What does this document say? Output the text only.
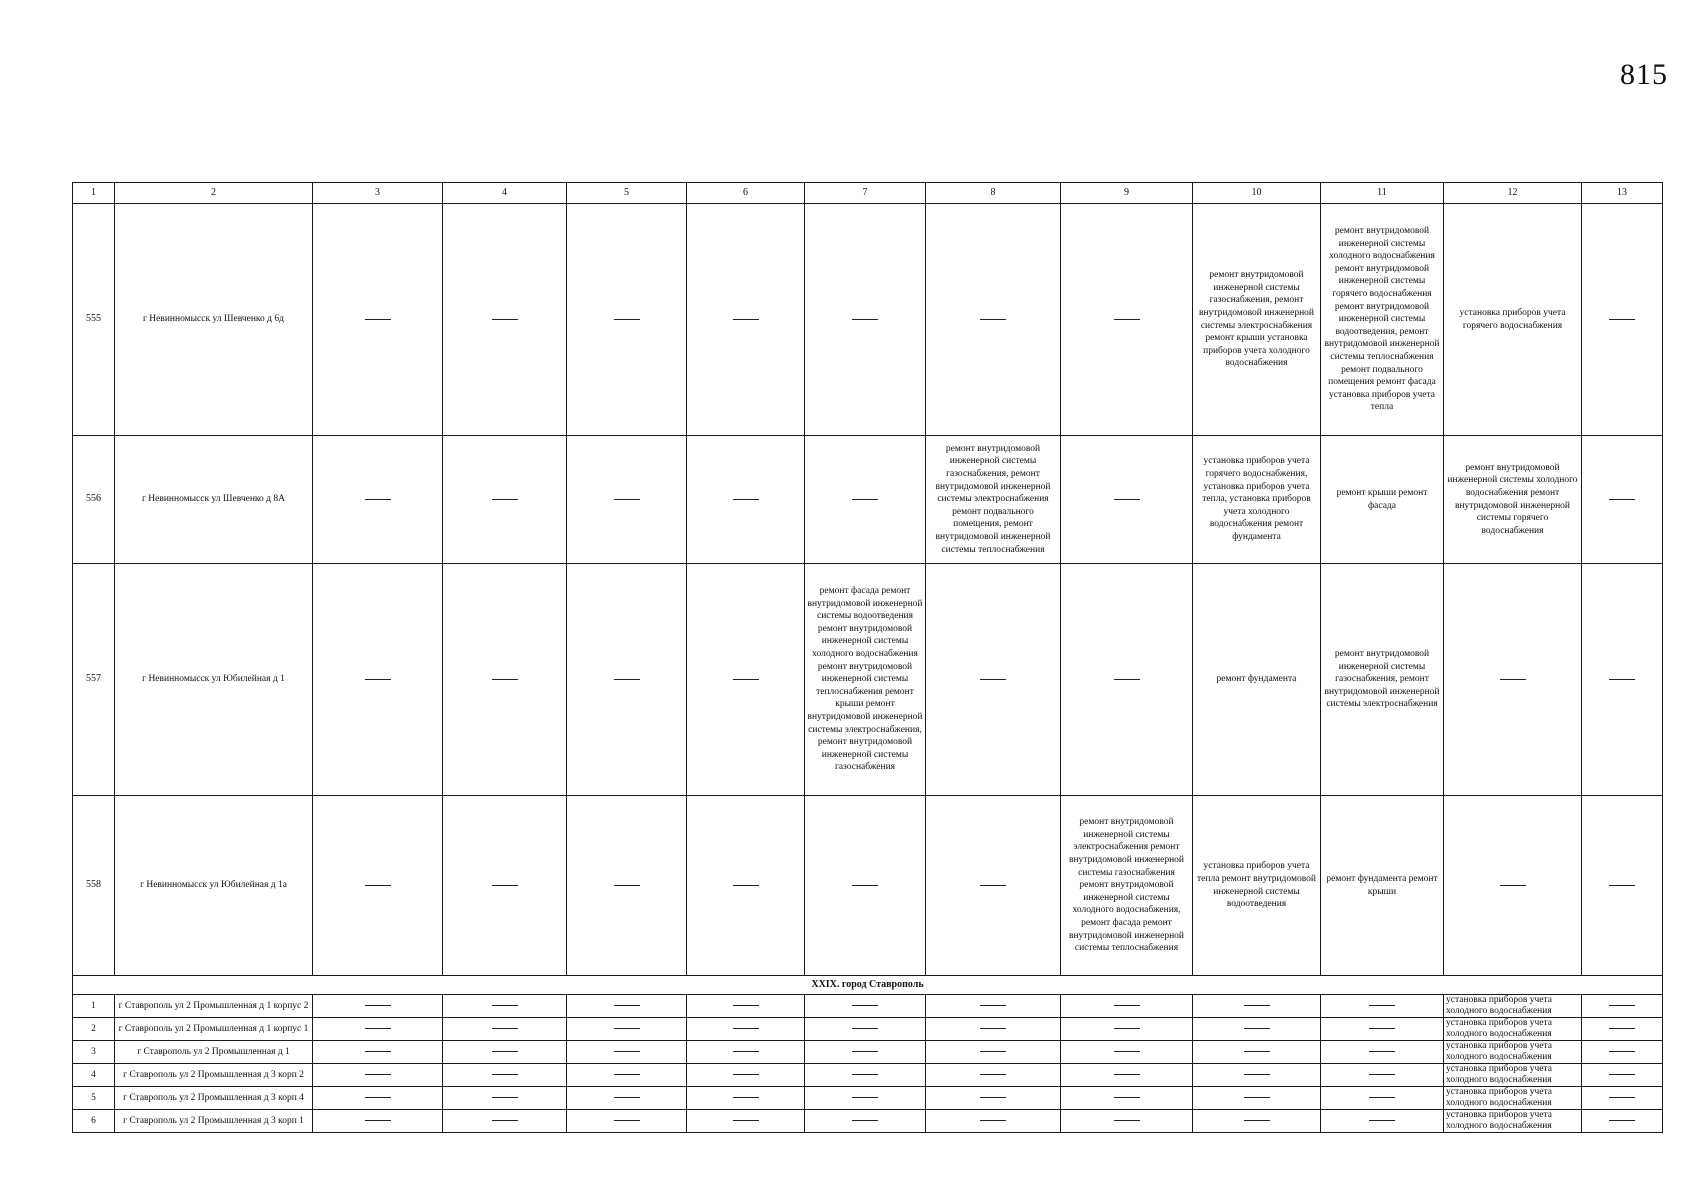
815
1	2	3	4	5	6	7	8	9	10	11	12	13
555	г Невинномысск ул Шевченко д 6д								ремонт внутридомовой инженерной системы газоснабжения, ремонт внутридомовой инженерной системы электроснабжения ремонт крыши установка приборов учета холодного водоснабжения	ремонт внутридомовой инженерной системы холодного водоснабжения ремонт внутридомовой инженерной системы горячего водоснабжения ремонт внутридомовой инженерной системы водоотведения, ремонт внутридомовой инженерной системы теплоснабжения ремонт подвального помещения ремонт фасада установка приборов учета тепла	установка приборов учета горячего водоснабжения	
556	г Невинномысск ул Шевченко д 8А						ремонт внутридомовой инженерной системы газоснабжения, ремонт внутридомовой инженерной системы электроснабжения ремонт подвального помещения, ремонт внутридомовой инженерной системы теплоснабжения		установка приборов учета горячего водоснабжения, установка приборов учета тепла, установка приборов учета холодного водоснабжения ремонт фундамента	ремонт крыши ремонт фасада	ремонт внутридомовой инженерной системы холодного водоснабжения ремонт внутридомовой инженерной системы горячего водоснабжения	
557	г Невинномысск ул Юбилейная д 1					ремонт фасада ремонт внутридомовой инженерной системы водоотведения ремонт внутридомовой инженерной системы холодного водоснабжения ремонт внутридомовой инженерной системы теплоснабжения ремонт крыши ремонт внутридомовой инженерной системы электроснабжения, ремонт внутридомовой инженерной системы газоснабжения			ремонт фундамента	ремонт внутридомовой инженерной системы газоснабжения, ремонт внутридомовой инженерной системы электроснабжения		
558	г Невинномысск ул Юбилейная д 1а							ремонт внутридомовой инженерной системы электроснабжения ремонт внутридомовой инженерной системы газоснабжения ремонт внутридомовой инженерной системы холодного водоснабжения, ремонт фасада ремонт внутридомовой инженерной системы теплоснабжения	установка приборов учета тепла ремонт внутридомовой инженерной системы водоотведения	ремонт фундамента ремонт крыши		
XXIX. город Ставрополь												
1	г Ставрополь ул 2 Промышленная д 1 корпус 2										установка приборов учета холодного водоснабжения	
2	г Ставрополь ул 2 Промышленная д 1 корпус 1										установка приборов учета холодного водоснабжения	
3	г Ставрополь ул 2 Промышленная д 1										установка приборов учета холодного водоснабжения	
4	г Ставрополь ул 2 Промышленная д 3 корп 2										установка приборов учета холодного водоснабжения	
5	г Ставрополь ул 2 Промышленная д 3 корп 4										установка приборов учета холодного водоснабжения	
6	г Ставрополь ул 2 Промышленная д 3 корп 1										установка приборов учета холодного водоснабжения	
